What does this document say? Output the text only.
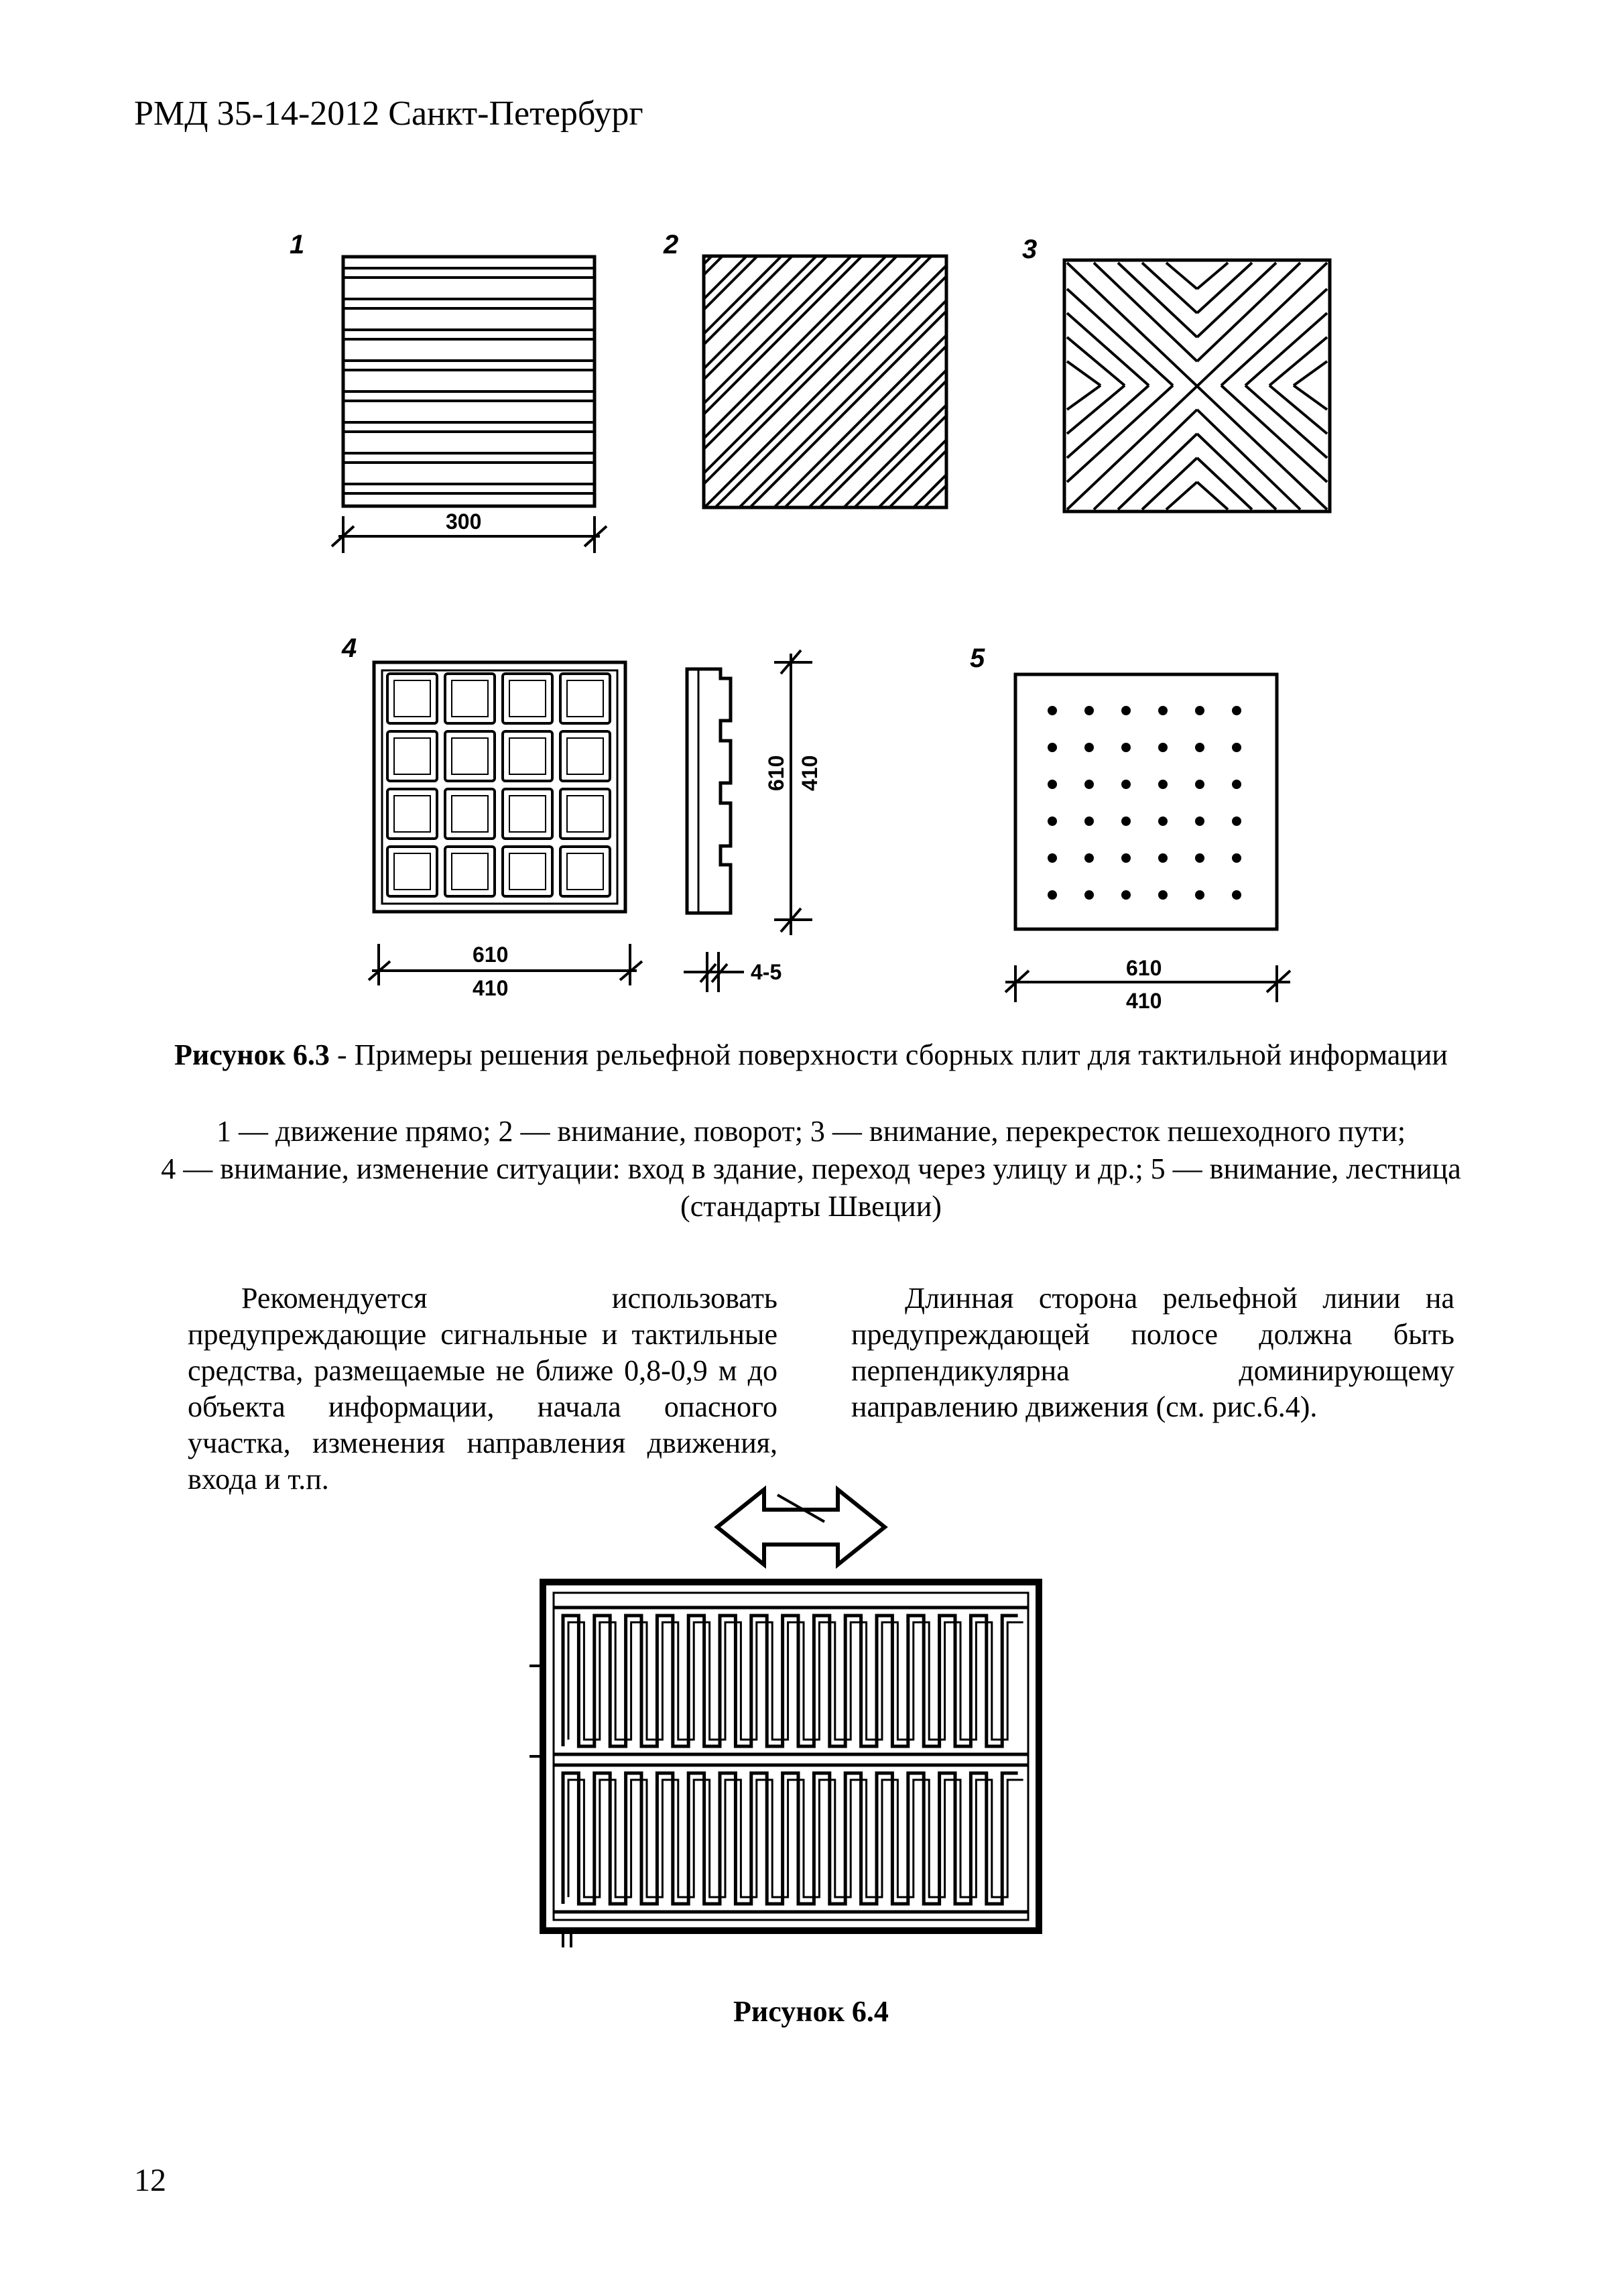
РМД 35-14-2012 Санкт-Петербург
1	2	3
4	5
300
610
410
610 410
4-5	610
410
Рисунок 6.3 - Примеры решения рельефной поверхности сборных плит для тактильной информации
1 — движение прямо; 2 — внимание, поворот; 3 — внимание, перекресток пешеходного пути;
4 — внимание, изменение ситуации: вход в здание, переход через улицу и др.; 5 — внимание, лестница (стандарты Швеции)

Рекомендуется использовать предупреждающие сигнальные и тактильные средства, размещаемые не ближе 0,8-0,9 м до объекта информации, начала опасного участка, изменения направления движения, входа и т.п.

Длинная сторона рельефной линии на предупреждающей полосе должна быть перпендикулярна доминирующему направлению движения (см. рис.6.4).

Рисунок 6.4
12
